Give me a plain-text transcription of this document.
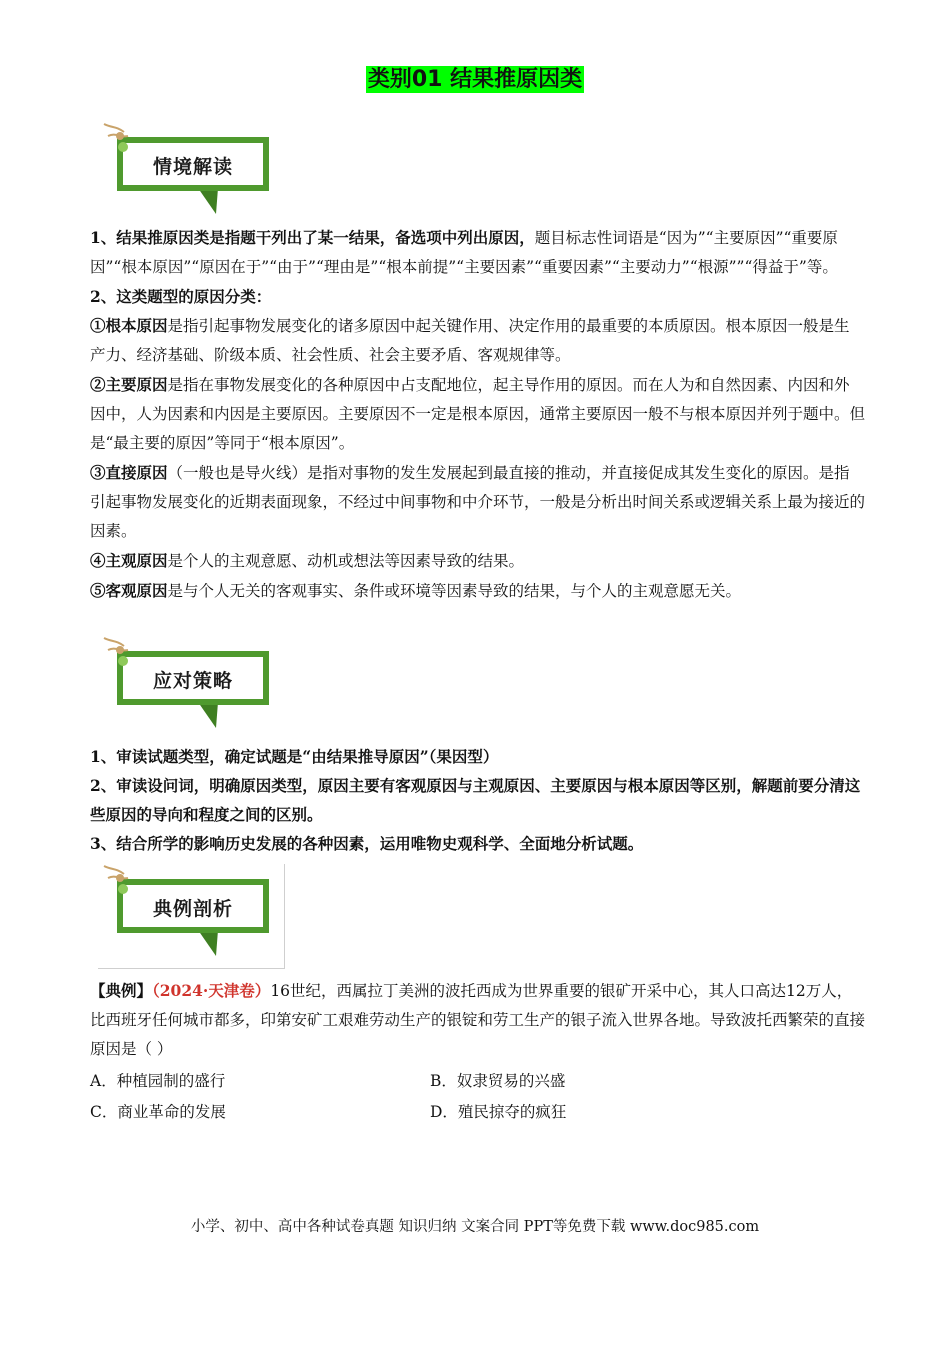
类别01 结果推原因类
情境解读

1、结果推原因类是指题干列出了某一结果，备选项中列出原因，题目标志性词语是“因为”“主要原因”“重要原因”“根本原因”“原因在于”“由于”“理由是”“根本前提”“主要因素”“重要因素”“主要动力”“根源””“得益于”等。

2、这类题型的原因分类：

①根本原因是指引起事物发展变化的诸多原因中起关键作用、决定作用的最重要的本质原因。根本原因一般是生产力、经济基础、阶级本质、社会性质、社会主要矛盾、客观规律等。

②主要原因是指在事物发展变化的各种原因中占支配地位，起主导作用的原因。而在人为和自然因素、内因和外因中，人为因素和内因是主要原因。主要原因不一定是根本原因，通常主要原因一般不与根本原因并列于题中。但是“最主要的原因”等同于“根本原因”。

③直接原因（一般也是导火线）是指对事物的发生发展起到最直接的推动，并直接促成其发生变化的原因。是指引起事物发展变化的近期表面现象，不经过中间事物和中介环节，一般是分析出时间关系或逻辑关系上最为接近的因素。

④主观原因是个人的主观意愿、动机或想法等因素导致的结果。

⑤客观原因是与个人无关的客观事实、条件或环境等因素导致的结果，与个人的主观意愿无关。

应对策略

1、审读试题类型，确定试题是“由结果推导原因”（果因型）

2、审读设问词，明确原因类型，原因主要有客观原因与主观原因、主要原因与根本原因等区别，解题前要分清这些原因的导向和程度之间的区别。

3、结合所学的影响历史发展的各种因素，运用唯物史观科学、全面地分析试题。

典例剖析

【典例】（2024·天津卷）16世纪，西属拉丁美洲的波托西成为世界重要的银矿开采中心，其人口高达12万人，比西班牙任何城市都多，印第安矿工艰难劳动生产的银锭和劳工生产的银子流入世界各地。导致波托西繁荣的直接原因是（ ）

A．种植园制的盛行	B．奴隶贸易的兴盛
C．商业革命的发展	D．殖民掠夺的疯狂
小学、初中、高中各种试卷真题 知识归纳 文案合同 PPT等免费下载 www.doc985.com
